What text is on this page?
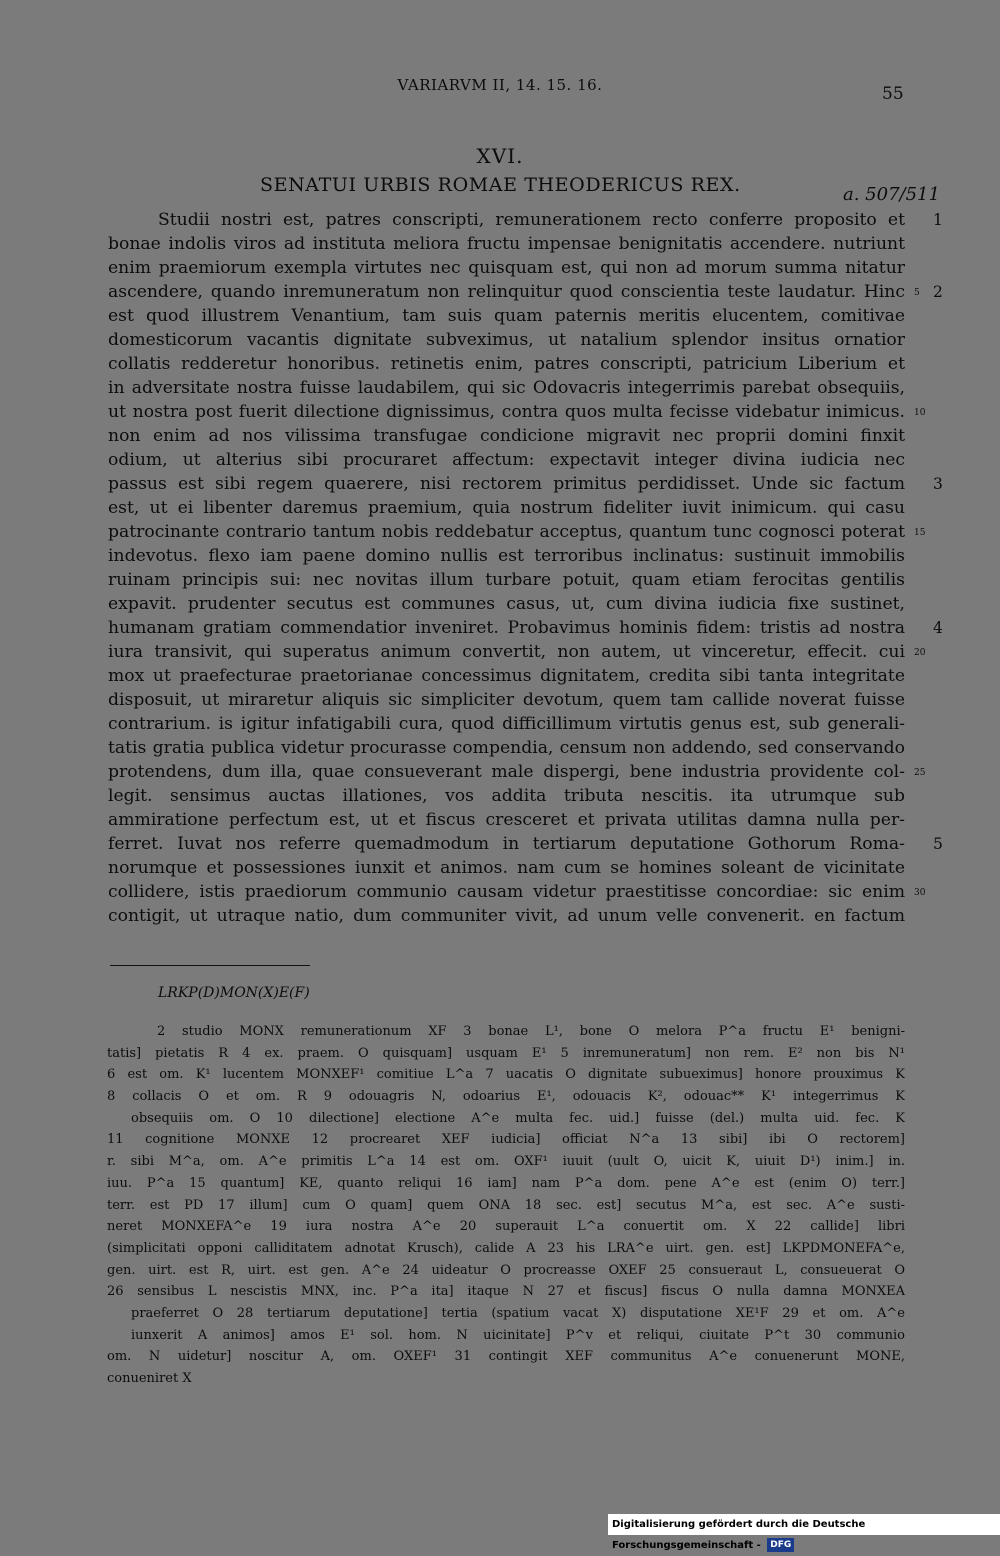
VARIARVM II, 14. 15. 16.	55
XVI.
SENATUI URBIS ROMAE THEODERICUS REX.	a. 507/511
Studii nostri est, patres conscripti, remunerationem recto conferre proposito et
bonae indolis viros ad instituta meliora fructu impensae benignitatis accendere. nutriunt
enim praemiorum exempla virtutes nec quisquam est, qui non ad morum summa nitatur
ascendere, quando inremuneratum non relinquitur quod conscientia teste laudatur. Hinc
est quod illustrem Venantium, tam suis quam paternis meritis elucentem, comitivae
domesticorum vacantis dignitate subveximus, ut natalium splendor insitus ornatior
collatis redderetur honoribus. retinetis enim, patres conscripti, patricium Liberium et
in adversitate nostra fuisse laudabilem, qui sic Odovacris integerrimis parebat obsequiis,
ut nostra post fuerit dilectione dignissimus, contra quos multa fecisse videbatur inimicus.
non enim ad nos vilissima transfugae condicione migravit nec proprii domini finxit
odium, ut alterius sibi procuraret affectum: expectavit integer divina iudicia nec
passus est sibi regem quaerere, nisi rectorem primitus perdidisset. Unde sic factum
est, ut ei libenter daremus praemium, quia nostrum fideliter iuvit inimicum. qui casu
patrocinante contrario tantum nobis reddebatur acceptus, quantum tunc cognosci poterat
indevotus. flexo iam paene domino nullis est terroribus inclinatus: sustinuit immobilis
ruinam principis sui: nec novitas illum turbare potuit, quam etiam ferocitas gentilis
expavit. prudenter secutus est communes casus, ut, cum divina iudicia fixe sustinet,
humanam gratiam commendatior inveniret. Probavimus hominis fidem: tristis ad nostra
iura transivit, qui superatus animum convertit, non autem, ut vinceretur, effecit. cui
mox ut praefecturae praetorianae concessimus dignitatem, credita sibi tanta integritate
disposuit, ut miraretur aliquis sic simpliciter devotum, quem tam callide noverat fuisse
contrarium. is igitur infatigabili cura, quod difficillimum virtutis genus est, sub generali-
tatis gratia publica videtur procurasse compendia, censum non addendo, sed conservando
protendens, dum illa, quae consueverant male dispergi, bene industria providente col-
legit. sensimus auctas illationes, vos addita tributa nescitis. ita utrumque sub
ammiratione perfectum est, ut et fiscus cresceret et privata utilitas damna nulla per-
ferret. Iuvat nos referre quemadmodum in tertiarum deputatione Gothorum Roma-
norumque et possessiones iunxit et animos. nam cum se homines soleant de vicinitate
collidere, istis praediorum communio causam videtur praestitisse concordiae: sic enim
contigit, ut utraque natio, dum communiter vivit, ad unum velle convenerit. en factum
1
5 2
10
3
15
4
20
25
5
30
LRKP(D)MON(X)E(F)
2 studio MONX remunerationum XF 3 bonae L¹, bone O melora P^a fructu E¹ benigni-
tatis] pietatis R 4 ex. praem. O quisquam] usquam E¹ 5 inremuneratum] non rem. E² non bis N¹
6 est om. K¹ lucentem MONXEF¹ comitiue L^a 7 uacatis O dignitate subueximus] honore prouximus K
8 collacis O et om. R 9 odouagris N, odoarius E¹, odouacis K², odouac** K¹ integerrimus K
obsequiis om. O 10 dilectione] electione A^e multa fec. uid.] fuisse (del.) multa uid. fec. K
11 cognitione MONXE 12 procrearet XEF iudicia] officiat N^a 13 sibi] ibi O rectorem]
r. sibi M^a, om. A^e primitis L^a 14 est om. OXF¹ iuuit (uult O, uicit K, uiuit D¹) inim.] in.
iuu. P^a 15 quantum] KE, quanto reliqui 16 iam] nam P^a dom. pene A^e est (enim O) terr.]
terr. est PD 17 illum] cum O quam] quem ONA 18 sec. est] secutus M^a, est sec. A^e susti-
neret MONXEFA^e 19 iura nostra A^e 20 superauit L^a conuertit om. X 22 callide] libri
(simplicitati opponi calliditatem adnotat Krusch), calide A 23 his LRA^e uirt. gen. est] LKPDMONEFA^e,
gen. uirt. est R, uirt. est gen. A^e 24 uideatur O procreasse OXEF 25 consueraut L, consueuerat O
26 sensibus L nescistis MNX, inc. P^a ita] itaque N 27 et fiscus] fiscus O nulla damna MONXEA
praeferret O 28 tertiarum deputatione] tertia (spatium vacat X) disputatione XE¹F 29 et om. A^e
iunxerit A animos] amos E¹ sol. hom. N uicinitate] P^v et reliqui, ciuitate P^t 30 communio
om. N uidetur] noscitur A, om. OXEF¹ 31 contingit XEF communitus A^e conuenerunt MONE,
conueniret X
Digitalisierung gefördert durch die Deutsche Forschungsgemeinschaft - DFG
